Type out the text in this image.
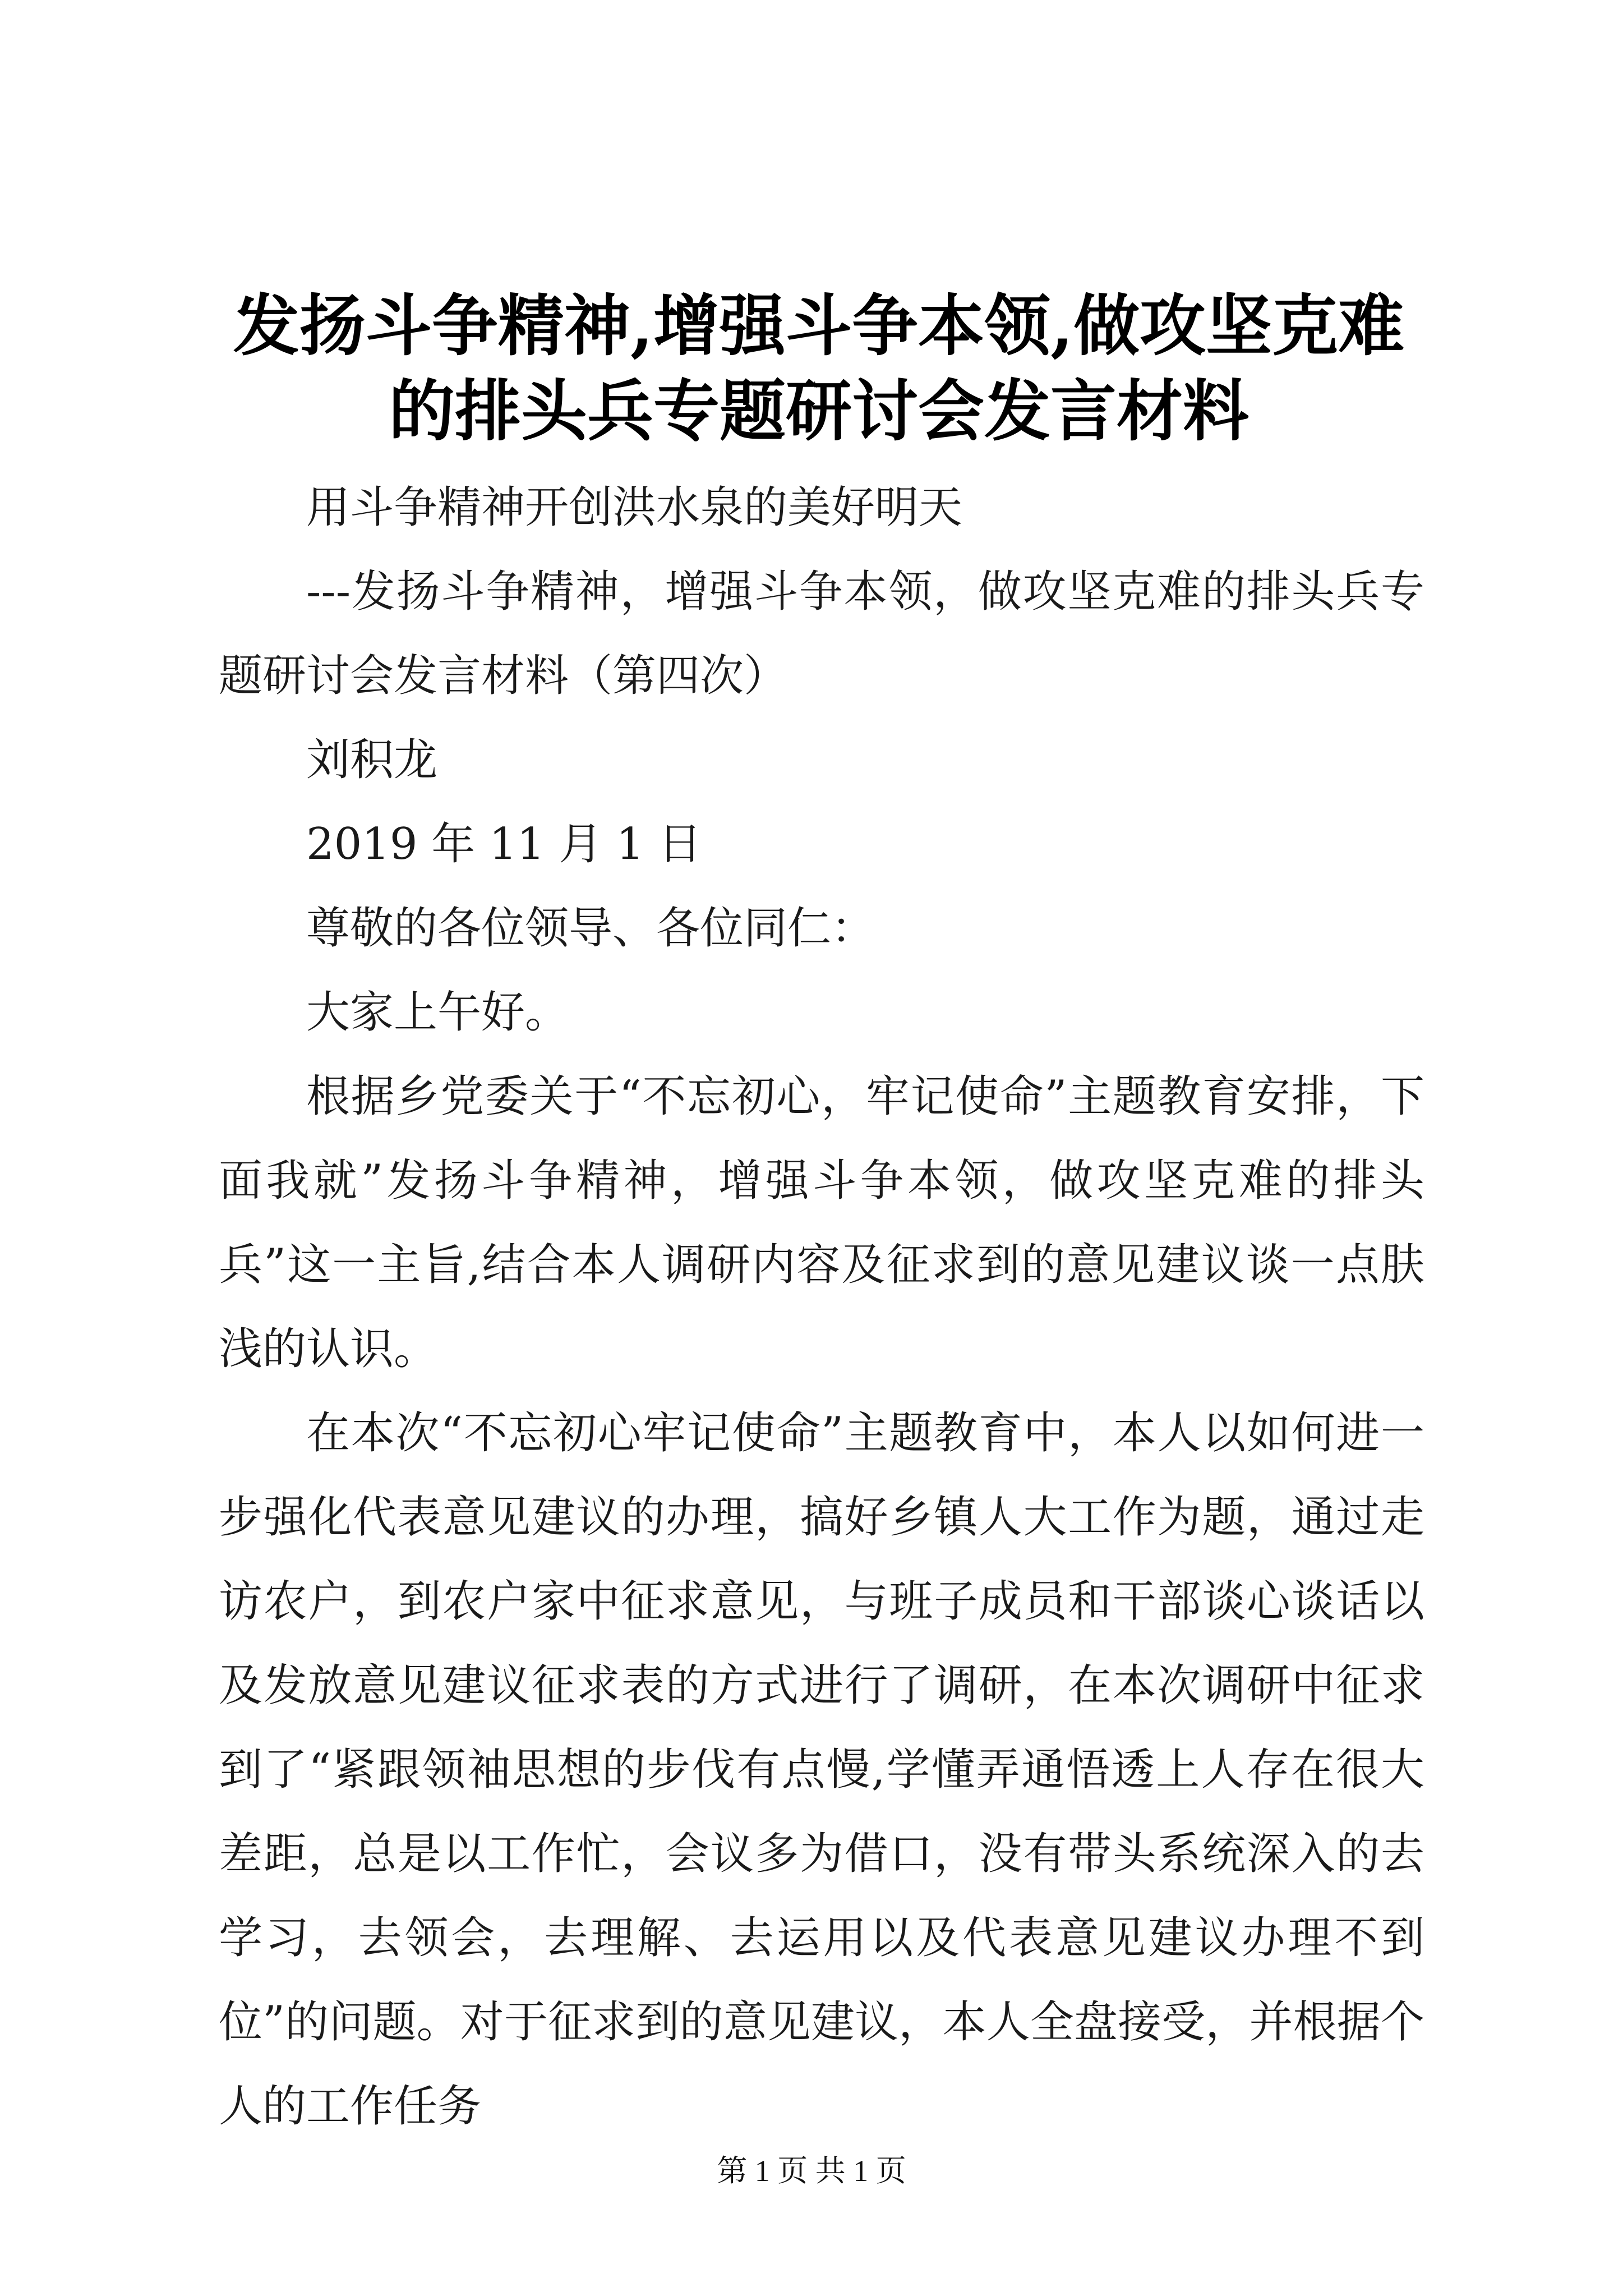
发扬斗争精神,增强斗争本领,做攻坚克难的排头兵专题研讨会发言材料

用斗争精神开创洪水泉的美好明天

---发扬斗争精神，增强斗争本领，做攻坚克难的排头兵专题研讨会发言材料（第四次）

刘积龙

2019 年 11 月 1 日

尊敬的各位领导、各位同仁：

大家上午好。

根据乡党委关于“不忘初心，牢记使命”主题教育安排，下面我就”发扬斗争精神，增强斗争本领，做攻坚克难的排头兵”这一主旨,结合本人调研内容及征求到的意见建议谈一点肤浅的认识。

在本次“不忘初心牢记使命”主题教育中，本人以如何进一步强化代表意见建议的办理，搞好乡镇人大工作为题，通过走访农户，到农户家中征求意见，与班子成员和干部谈心谈话以及发放意见建议征求表的方式进行了调研，在本次调研中征求到了“紧跟领袖思想的步伐有点慢,学懂弄通悟透上人存在很大差距，总是以工作忙，会议多为借口，没有带头系统深入的去学习，去领会，去理解、去运用以及代表意见建议办理不到位”的问题。对于征求到的意见建议，本人全盘接受，并根据个人的工作任务

第 1 页 共 1 页
